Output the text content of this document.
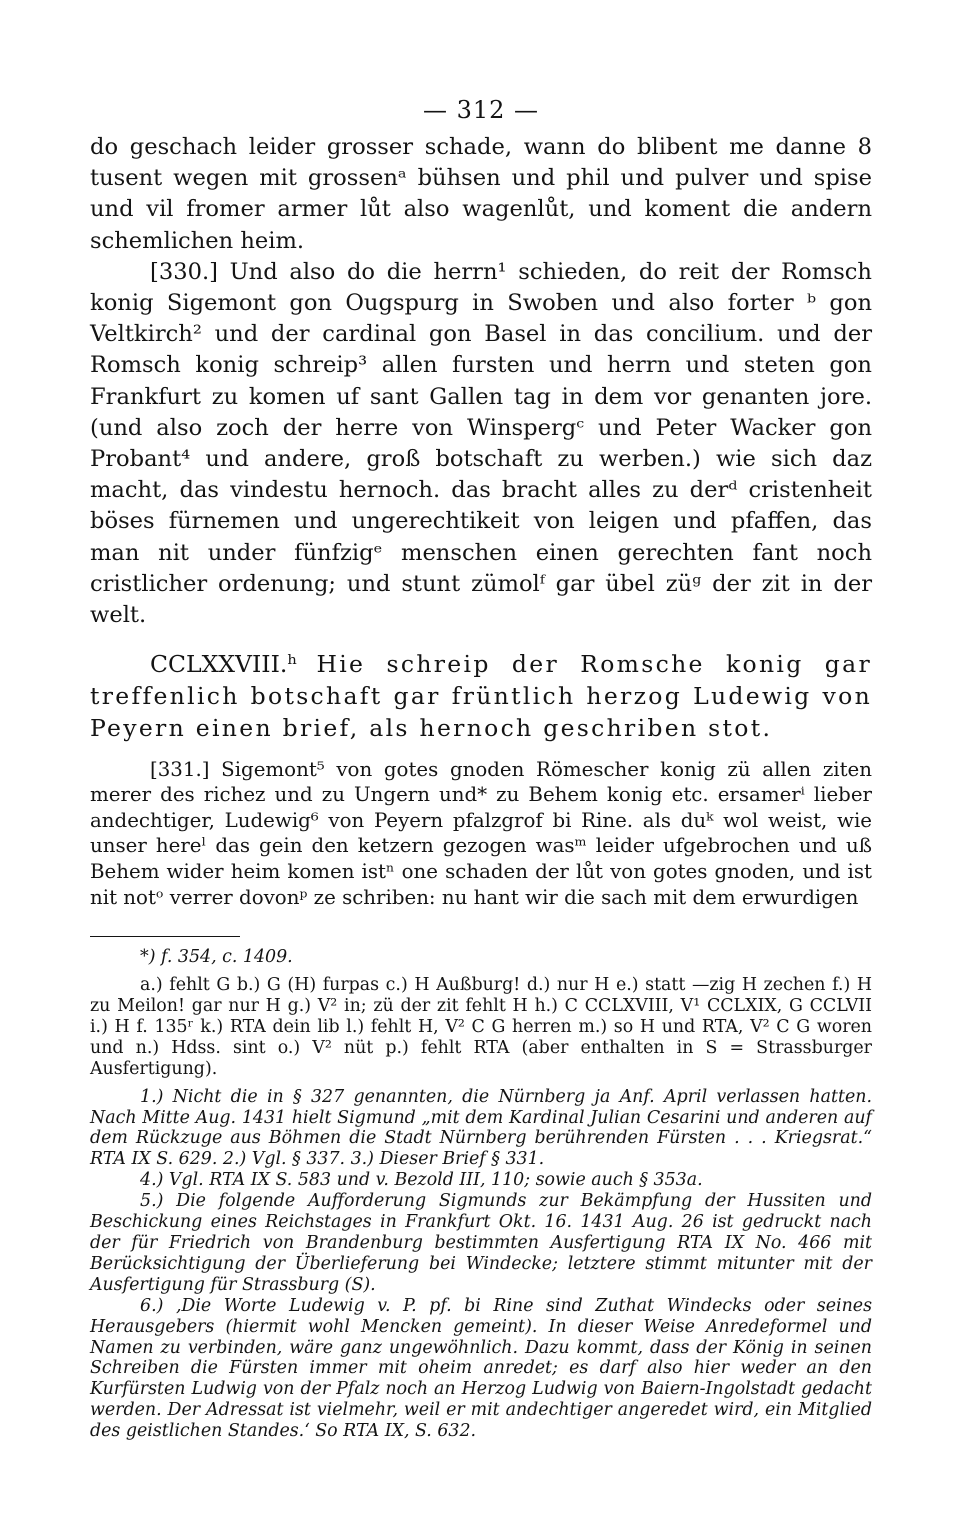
— 312 —

do geschach leider grosser schade, wann do blibent me danne 8 tusent wegen mit grossenᵃ bühsen und phil und pulver und spise und vil fromer armer lůt also wagenlůt, und koment die andern schemlichen heim.

[330.] Und also do die herrn¹ schieden, do reit der Romsch konig Sigemont gon Ougspurg in Swoben und also forter ᵇ gon Veltkirch² und der cardinal gon Basel in das concilium. und der Romsch konig schreip³ allen fursten und herrn und steten gon Frankfurt zu komen uf sant Gallen tag in dem vor genanten jore. (und also zoch der herre von Winspergᶜ und Peter Wacker gon Probant⁴ und andere, groß botschaft zu werben.) wie sich daz macht, das vindestu hernoch. das bracht alles zu derᵈ cristenheit böses fürnemen und ungerechtikeit von leigen und pfaffen, das man nit under fünfzigᵉ menschen einen gerechten fant noch cristlicher ordenung; und stunt zümolᶠ gar übel züᵍ der zit in der welt.

CCLXXVIII.ʰ Hie schreip der Romsche konig gar treffenlich botschaft gar früntlich herzog Ludewig von Peyern einen brief, als hernoch geschriben stot.

[331.] Sigemont⁵ von gotes gnoden Römescher konig zü allen ziten merer des richez und zu Ungern und* zu Behem konig etc. ersamerⁱ lieber andechtiger, Ludewig⁶ von Peyern pfalzgrof bi Rine. als duᵏ wol weist, wie unser hereˡ das gein den ketzern gezogen wasᵐ leider ufgebrochen und uß Behem wider heim komen istⁿ one schaden der lůt von gotes gnoden, und ist nit notᵒ verrer dovonᵖ ze schriben: nu hant wir die sach mit dem erwurdigen

*) f. 354, c. 1409.

a.) fehlt G b.) G (H) furpas c.) H Außburg! d.) nur H e.) statt —zig H zechen f.) H zu Meilon! gar nur H g.) V² in; zü der zit fehlt H h.) C CCLXVIII, V¹ CCLXIX, G CCLVII i.) H f. 135ʳ k.) RTA dein lib l.) fehlt H, V² C G herren m.) so H und RTA, V² C G woren und n.) Hdss. sint o.) V² nüt p.) fehlt RTA (aber enthalten in S = Strassburger Ausfertigung).

1.) Nicht die in § 327 genannten, die Nürnberg ja Anf. April verlassen hatten. Nach Mitte Aug. 1431 hielt Sigmund „mit dem Kardinal Julian Cesarini und anderen auf dem Rückzuge aus Böhmen die Stadt Nürnberg berührenden Fürsten . . . Kriegsrat.“ RTA IX S. 629. 2.) Vgl. § 337. 3.) Dieser Brief § 331.

4.) Vgl. RTA IX S. 583 und v. Bezold III, 110; sowie auch § 353a.

5.) Die folgende Aufforderung Sigmunds zur Bekämpfung der Hussiten und Beschickung eines Reichstages in Frankfurt Okt. 16. 1431 Aug. 26 ist gedruckt nach der für Friedrich von Brandenburg bestimmten Ausfertigung RTA IX No. 466 mit Berücksichtigung der Überlieferung bei Windecke; letztere stimmt mitunter mit der Ausfertigung für Strassburg (S).

6.) ‚Die Worte Ludewig v. P. pf. bi Rine sind Zuthat Windecks oder seines Herausgebers (hiermit wohl Mencken gemeint). In dieser Weise Anredeformel und Namen zu verbinden, wäre ganz ungewöhnlich. Dazu kommt, dass der König in seinen Schreiben die Fürsten immer mit oheim anredet; es darf also hier weder an den Kurfürsten Ludwig von der Pfalz noch an Herzog Ludwig von Baiern-Ingolstadt gedacht werden. Der Adressat ist vielmehr, weil er mit andechtiger angeredet wird, ein Mitglied des geistlichen Standes.‘ So RTA IX, S. 632.
